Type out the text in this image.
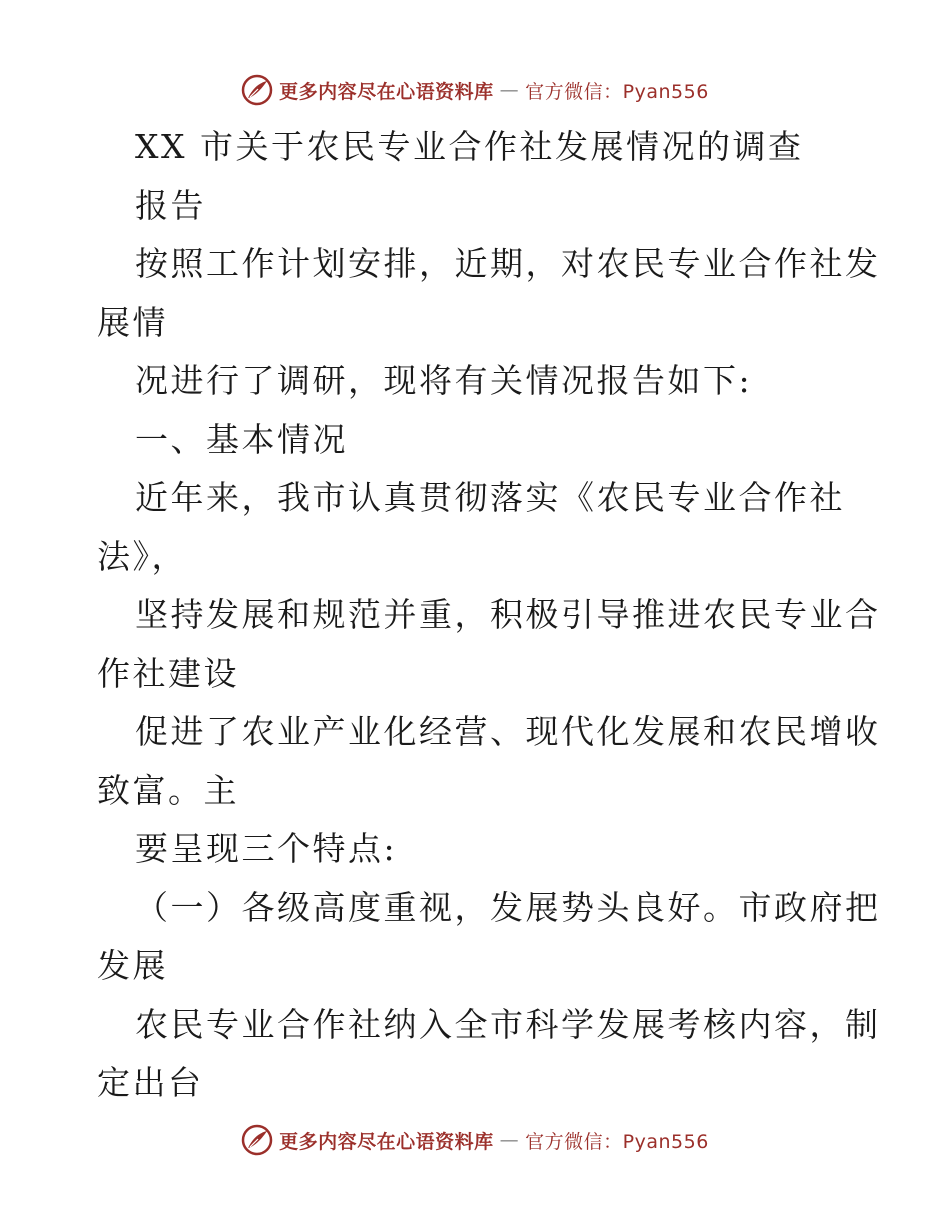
更多内容尽在心语资料库 — 官方微信：Pyan556
XX 市关于农民专业合作社发展情况的调查
报告
按照工作计划安排，近期，对农民专业合作社发
展情
况进行了调研，现将有关情况报告如下:
一、基本情况
近年来，我市认真贯彻落实《农民专业合作社
法》，
坚持发展和规范并重，积极引导推进农民专业合
作社建设
促进了农业产业化经营、现代化发展和农民增收
致富。主
要呈现三个特点:
（一）各级高度重视，发展势头良好。市政府把
发展
农民专业合作社纳入全市科学发展考核内容，制
定出台
更多内容尽在心语资料库 — 官方微信：Pyan556
